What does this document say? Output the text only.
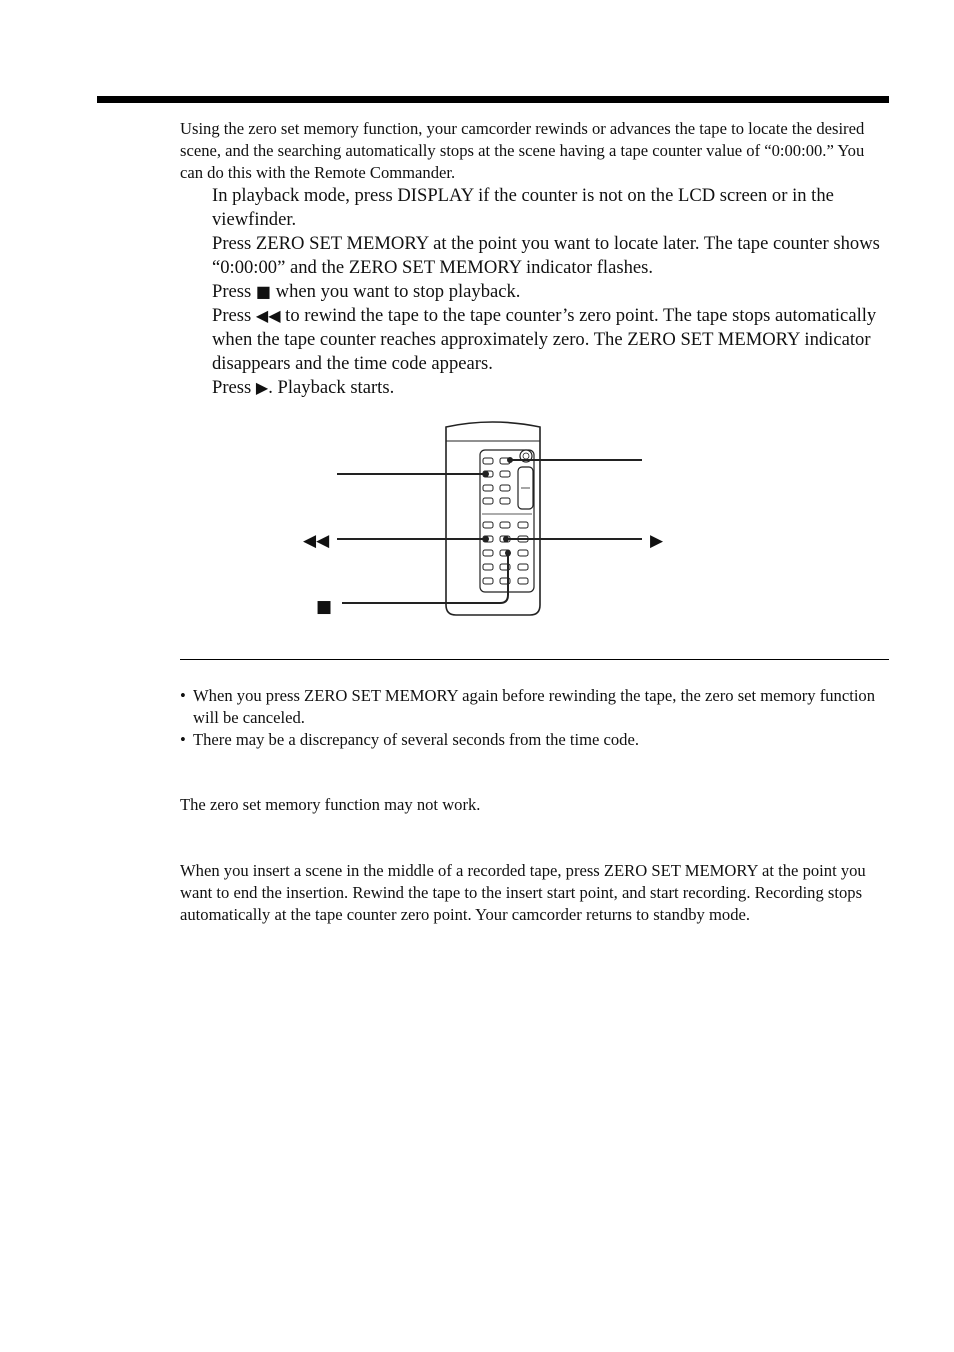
Using the zero set memory function, your camcorder rewinds or advances the tape to locate the desired scene, and the searching automatically stops at the scene having a tape counter value of “0:00:00.” You can do this with the Remote Commander.

In playback mode, press DISPLAY if the counter is not on the LCD screen or in the viewfinder.
Press ZERO SET MEMORY at the point you want to locate later. The tape counter shows “0:00:00” and the ZERO SET MEMORY indicator flashes.
Press ■ when you want to stop playback.
Press ◀◀ to rewind the tape to the tape counter’s zero point. The tape stops automatically when the tape counter reaches approximately zero. The ZERO SET MEMORY indicator disappears and the time code appears.
Press ▶. Playback starts.
◀◀	▶
■
• When you press ZERO SET MEMORY again before rewinding the tape, the zero set memory function will be canceled.
• There may be a discrepancy of several seconds from the time code.

The zero set memory function may not work.

When you insert a scene in the middle of a recorded tape, press ZERO SET MEMORY at the point you want to end the insertion. Rewind the tape to the insert start point, and start recording. Recording stops automatically at the tape counter zero point. Your camcorder returns to standby mode.
